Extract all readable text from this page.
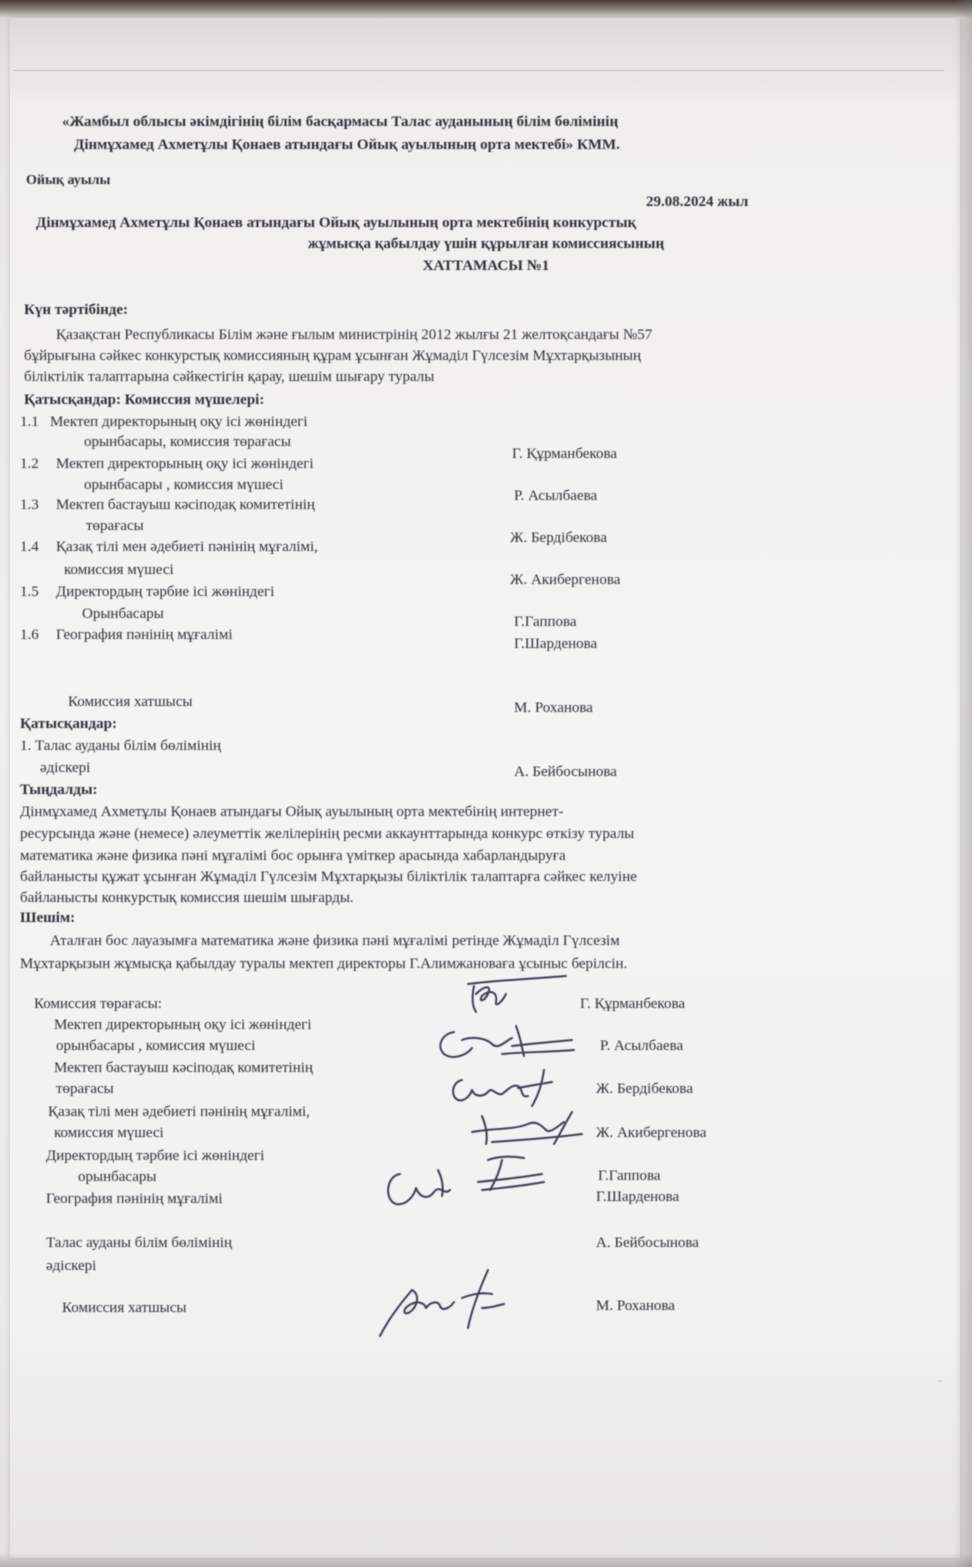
«Жамбыл облысы әкімдігінің білім басқармасы Талас ауданының білім бөлімінің
Дінмұхамед Ахметұлы Қонаев атындағы Ойық ауылының орта мектебі» КММ.
Ойық ауылы
29.08.2024 жыл
Дінмұхамед Ахметұлы Қонаев атындағы Ойық ауылының орта мектебінің конкурстық
жұмысқа қабылдау үшін құрылған комиссиясының
ХАТТАМАСЫ №1
Күн тәртібінде:
Қазақстан Республикасы Білім және ғылым министрінің 2012 жылғы 21 желтоқсандағы №57
бұйрығына сәйкес конкурстық комиссияның құрам ұсынған Жұмаділ Гүлсезім Мұхтарқызының
біліктілік талаптарына сәйкестігін қарау, шешім шығару туралы
Қатысқандар: Комиссия мүшелері:
1.1 Мектеп директорының оқу ісі жөніндегі
орынбасары, комиссия төрағасы
Г. Құрманбекова
1.2 Мектеп директорының оқу ісі жөніндегі
орынбасары , комиссия мүшесі
Р. Асылбаева
1.3 Мектеп бастауыш кәсіподақ комитетінің
төрағасы
Ж. Бердібекова
1.4 Қазақ тілі мен әдебиеті пәнінің мұғалімі,
комиссия мүшесі
Ж. Акибергенова
1.5 Директордың тәрбие ісі жөніндегі
Орынбасары	Г.Гаппова
1.6 География пәнінің мұғалімі
Г.Шарденова
Комиссия хатшысы	М. Роханова
Қатысқандар:
1. Талас ауданы білім бөлімінің
әдіскері	А. Бейбосынова
Тыңдалды:
Дінмұхамед Ахметұлы Қонаев атындағы Ойық ауылының орта мектебінің интернет-
ресурсында және (немесе) әлеуметтік желілерінің ресми аккаунттарында конкурс өткізу туралы
математика және физика пәні мұғалімі бос орынға үміткер арасында хабарландыруға
байланысты құжат ұсынған Жұмаділ Гүлсезім Мұхтарқызы біліктілік талаптарға сәйкес келуіне
байланысты конкурстық комиссия шешім шығарды.
Шешім:
Аталған бос лауазымға математика және физика пәні мұғалімі ретінде Жұмаділ Гүлсезім
Мұхтарқызын жұмысқа қабылдау туралы мектеп директоры Г.Алимжановаға ұсыныс берілсін.
Комиссия төрағасы:	Г. Құрманбекова
Мектеп директорының оқу ісі жөніндегі
орынбасары , комиссия мүшесі	Р. Асылбаева
Мектеп бастауыш кәсіподақ комитетінің
төрағасы	Ж. Бердібекова
Қазақ тілі мен әдебиеті пәнінің мұғалімі,
комиссия мүшесі	Ж. Акибергенова
Директордың тәрбие ісі жөніндегі
орынбасары	Г.Гаппова
География пәнінің мұғалімі	Г.Шарденова
Талас ауданы білім бөлімінің
әдіскері
А. Бейбосынова
Комиссия хатшысы	М. Роханова
-
